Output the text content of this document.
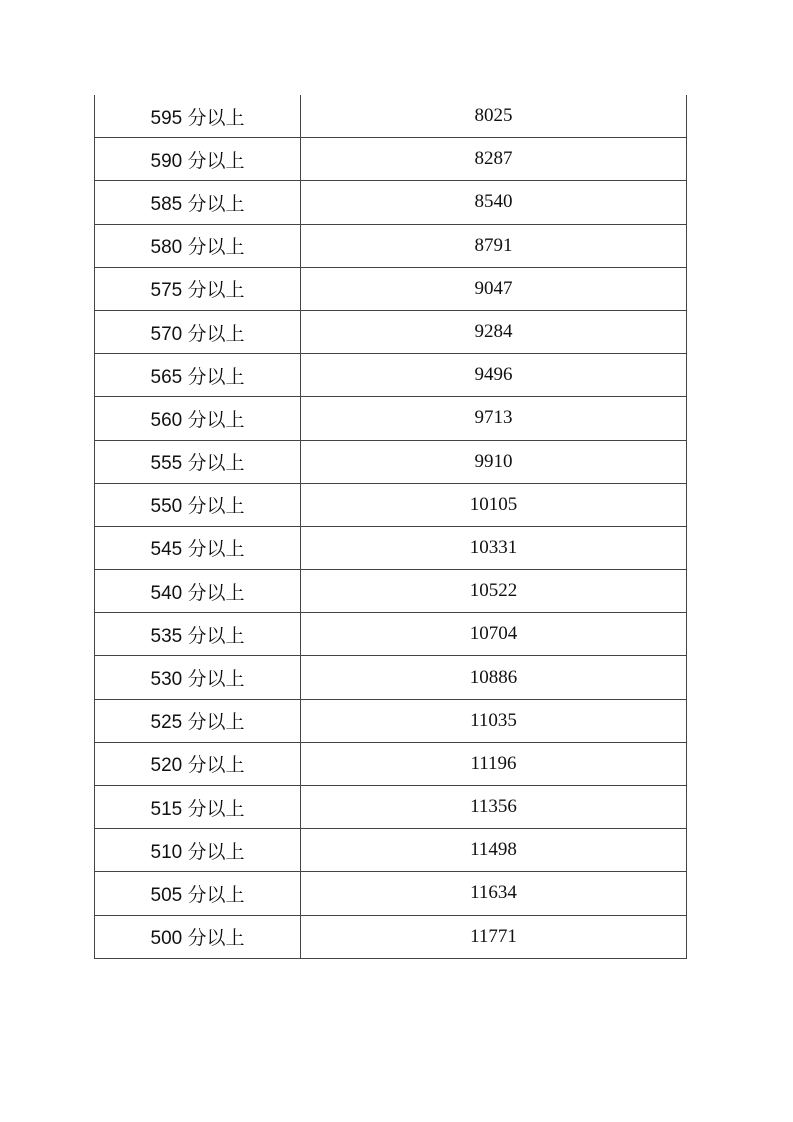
595 分以上	8025
590 分以上	8287
585 分以上	8540
580 分以上	8791
575 分以上	9047
570 分以上	9284
565 分以上	9496
560 分以上	9713
555 分以上	9910
550 分以上	10105
545 分以上	10331
540 分以上	10522
535 分以上	10704
530 分以上	10886
525 分以上	11035
520 分以上	11196
515 分以上	11356
510 分以上	11498
505 分以上	11634
500 分以上	11771
